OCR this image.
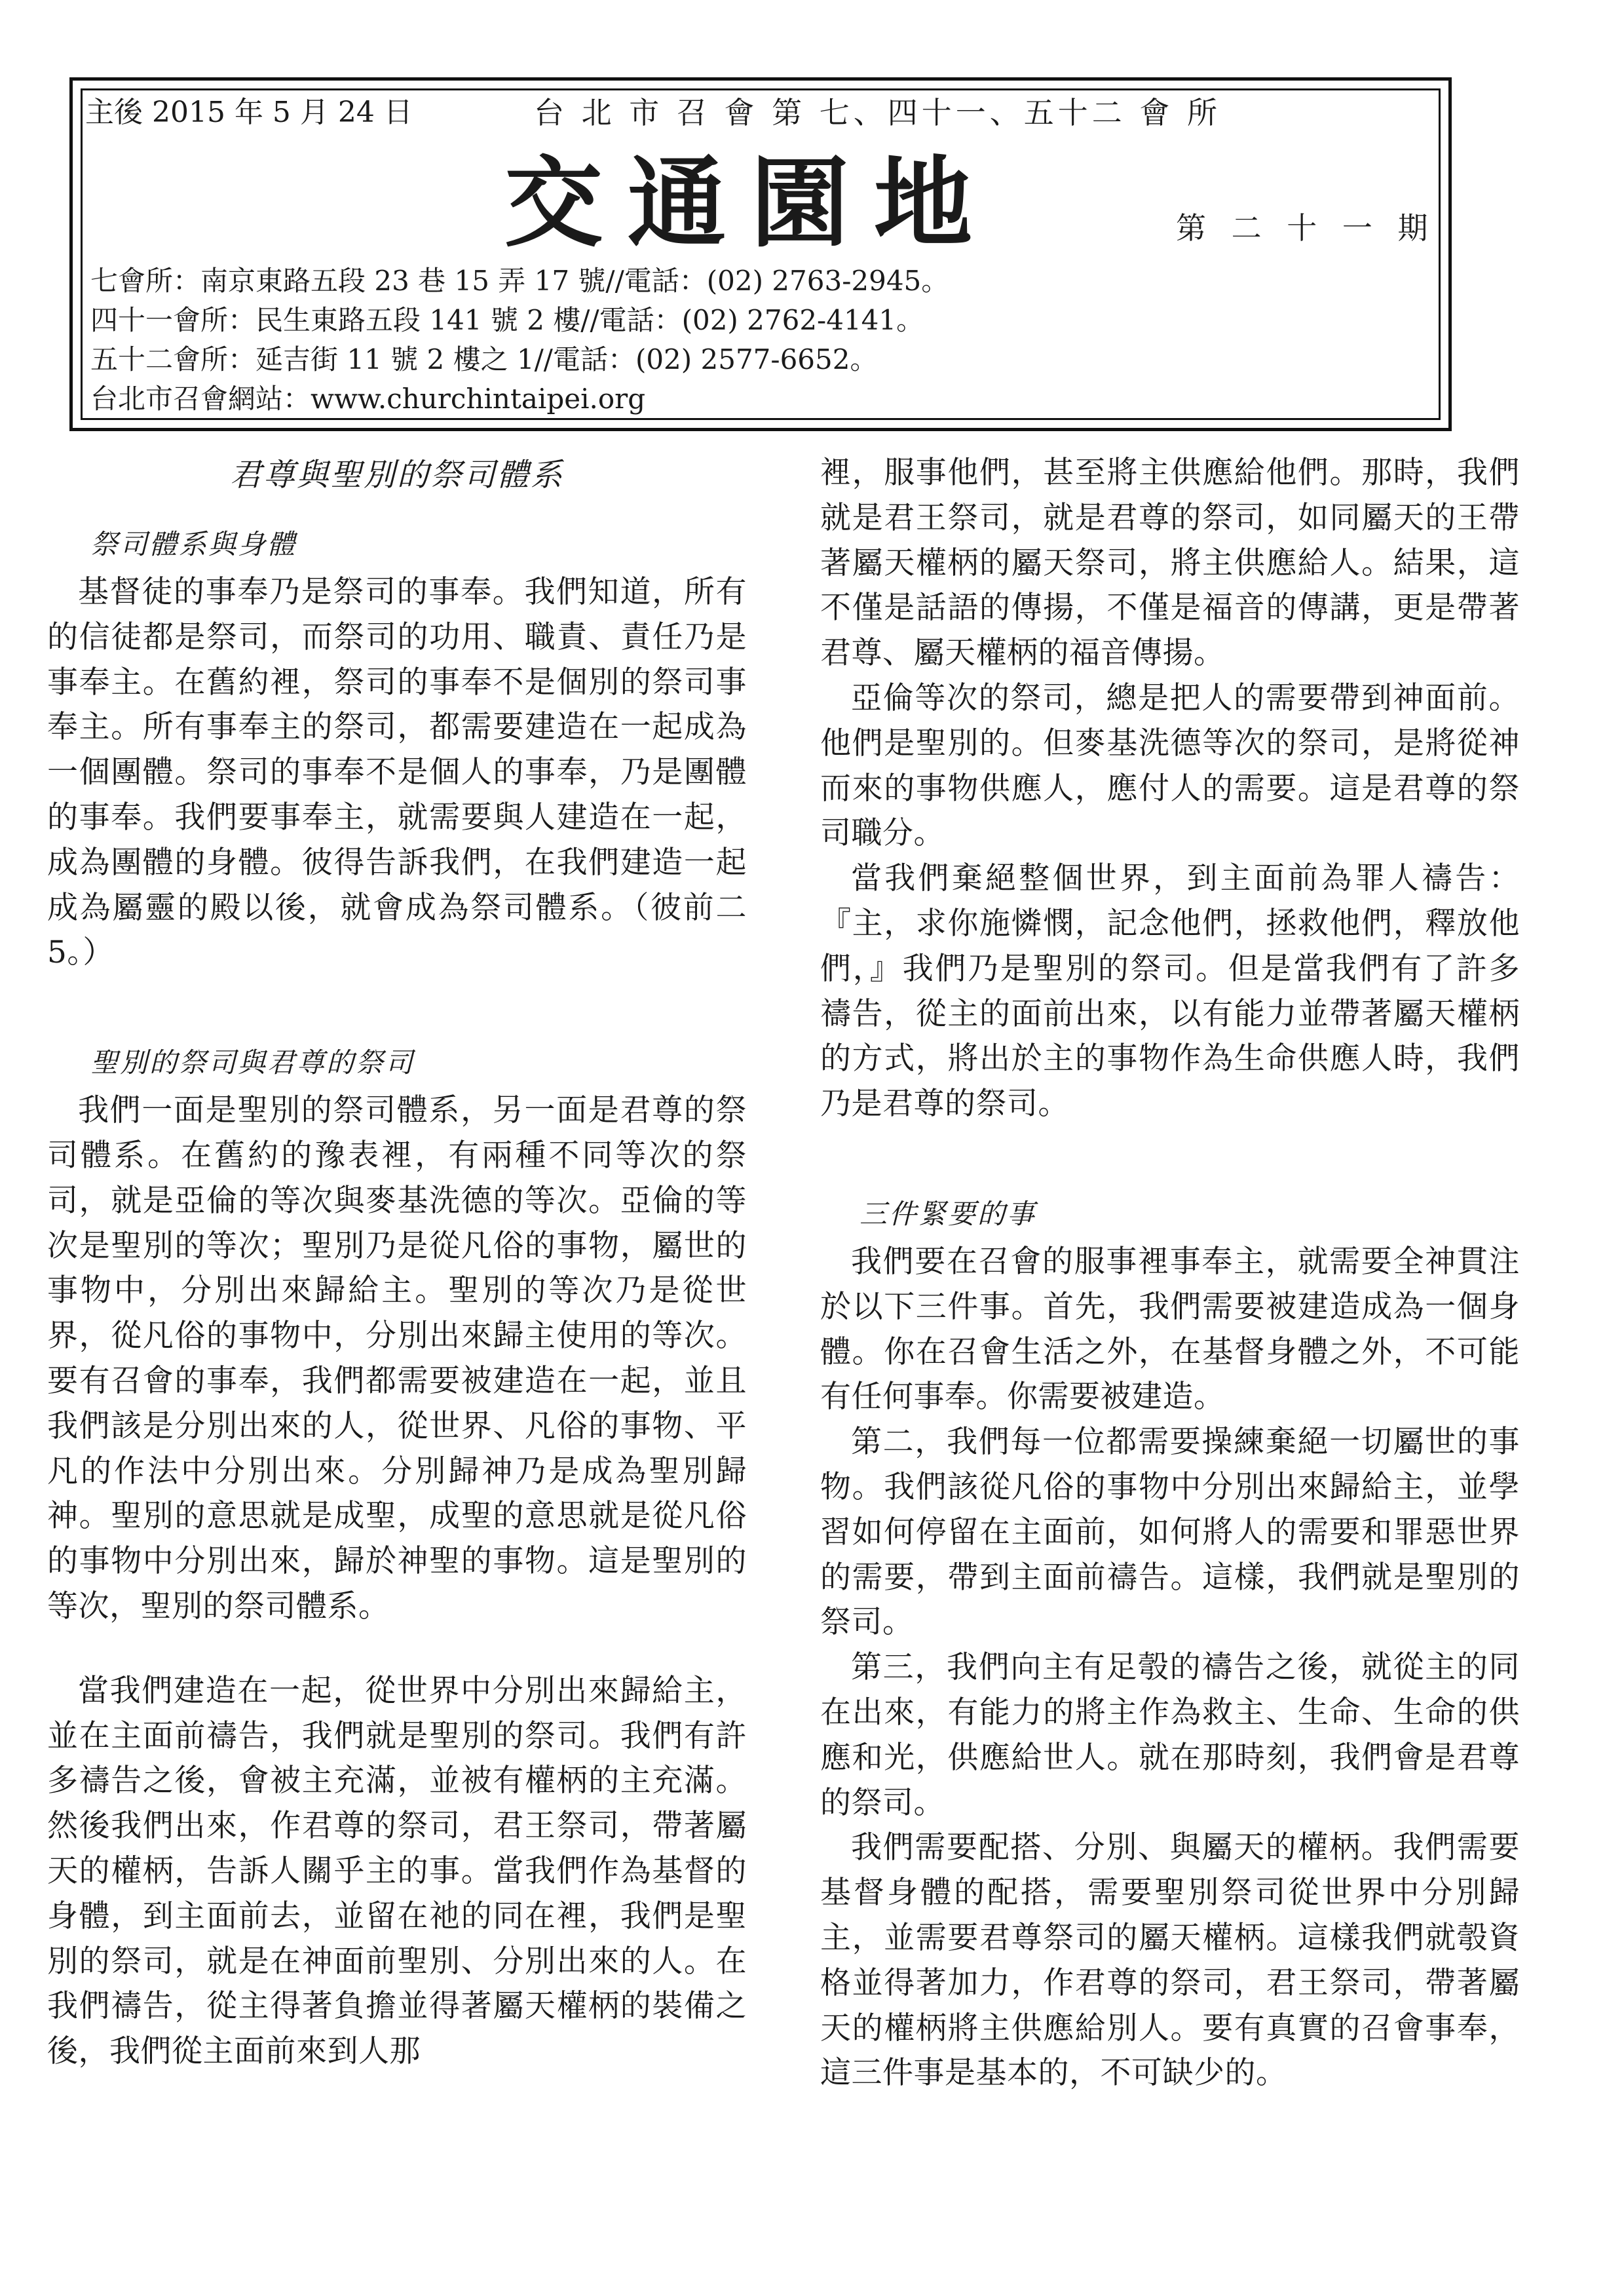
主後 2015 年 5 月 24 日	台 北 市 召 會 第 七、四十一、五十二 會 所
交通園地	第 二 十 一 期
七會所：南京東路五段 23 巷 15 弄 17 號//電話：(02) 2763-2945。
四十一會所：民生東路五段 141 號 2 樓//電話：(02) 2762-4141。
五十二會所：延吉街 11 號 2 樓之 1//電話：(02) 2577-6652。
台北市召會網站：www.churchintaipei.org
君尊與聖別的祭司體系
祭司體系與身體

基督徒的事奉乃是祭司的事奉。我們知道，所有的信徒都是祭司，而祭司的功用、職責、責任乃是事奉主。在舊約裡，祭司的事奉不是個別的祭司事奉主。所有事奉主的祭司，都需要建造在一起成為一個團體。祭司的事奉不是個人的事奉，乃是團體的事奉。我們要事奉主，就需要與人建造在一起，成為團體的身體。彼得告訴我們，在我們建造一起成為屬靈的殿以後，就會成為祭司體系。（彼前二 5。）

聖別的祭司與君尊的祭司

我們一面是聖別的祭司體系，另一面是君尊的祭司體系。在舊約的豫表裡，有兩種不同等次的祭司，就是亞倫的等次與麥基洗德的等次。亞倫的等次是聖別的等次；聖別乃是從凡俗的事物，屬世的事物中，分別出來歸給主。聖別的等次乃是從世界，從凡俗的事物中，分別出來歸主使用的等次。要有召會的事奉，我們都需要被建造在一起，並且我們該是分別出來的人，從世界、凡俗的事物、平凡的作法中分別出來。分別歸神乃是成為聖別歸神。聖別的意思就是成聖，成聖的意思就是從凡俗的事物中分別出來，歸於神聖的事物。這是聖別的等次，聖別的祭司體系。

當我們建造在一起，從世界中分別出來歸給主，並在主面前禱告，我們就是聖別的祭司。我們有許多禱告之後，會被主充滿，並被有權柄的主充滿。然後我們出來，作君尊的祭司，君王祭司，帶著屬天的權柄，告訴人關乎主的事。當我們作為基督的身體，到主面前去，並留在祂的同在裡，我們是聖別的祭司，就是在神面前聖別、分別出來的人。在我們禱告，從主得著負擔並得著屬天權柄的裝備之後，我們從主面前來到人那

裡，服事他們，甚至將主供應給他們。那時，我們就是君王祭司，就是君尊的祭司，如同屬天的王帶著屬天權柄的屬天祭司，將主供應給人。結果，這不僅是話語的傳揚，不僅是福音的傳講，更是帶著君尊、屬天權柄的福音傳揚。

亞倫等次的祭司，總是把人的需要帶到神面前。他們是聖別的。但麥基洗德等次的祭司，是將從神而來的事物供應人，應付人的需要。這是君尊的祭司職分。

當我們棄絕整個世界，到主面前為罪人禱告：『主，求你施憐憫，記念他們，拯救他們，釋放他們，』我們乃是聖別的祭司。但是當我們有了許多禱告，從主的面前出來，以有能力並帶著屬天權柄的方式，將出於主的事物作為生命供應人時，我們乃是君尊的祭司。

三件緊要的事

我們要在召會的服事裡事奉主，就需要全神貫注於以下三件事。首先，我們需要被建造成為一個身體。你在召會生活之外，在基督身體之外，不可能有任何事奉。你需要被建造。

第二，我們每一位都需要操練棄絕一切屬世的事物。我們該從凡俗的事物中分別出來歸給主，並學習如何停留在主面前，如何將人的需要和罪惡世界的需要，帶到主面前禱告。這樣，我們就是聖別的祭司。

第三，我們向主有足彀的禱告之後，就從主的同在出來，有能力的將主作為救主、生命、生命的供應和光，供應給世人。就在那時刻，我們會是君尊的祭司。

我們需要配搭、分別、與屬天的權柄。我們需要基督身體的配搭，需要聖別祭司從世界中分別歸主，並需要君尊祭司的屬天權柄。這樣我們就彀資格並得著加力，作君尊的祭司，君王祭司，帶著屬天的權柄將主供應給別人。要有真實的召會事奉，這三件事是基本的，不可缺少的。
